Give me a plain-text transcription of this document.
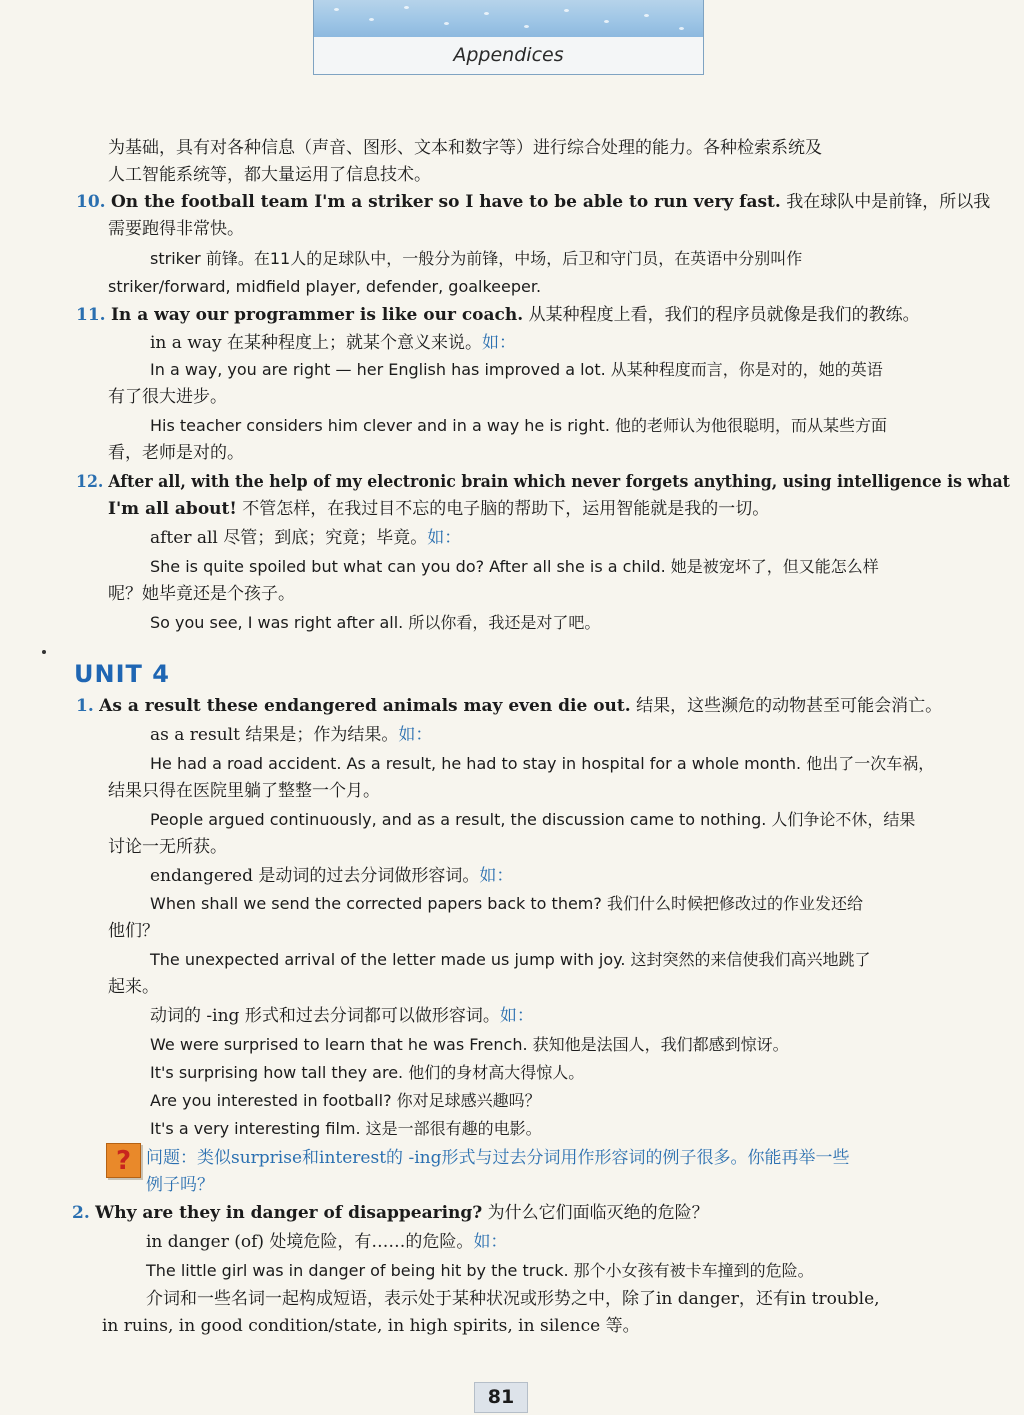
Appendices
为基础，具有对各种信息（声音、图形、文本和数字等）进行综合处理的能力。各种检索系统及
人工智能系统等，都大量运用了信息技术。
10. On the football team I'm a striker so I have to be able to run very fast. 我在球队中是前锋，所以我
需要跑得非常快。
striker 前锋。在11人的足球队中，一般分为前锋，中场，后卫和守门员，在英语中分别叫作
striker/forward, midfield player, defender, goalkeeper.
11. In a way our programmer is like our coach. 从某种程度上看，我们的程序员就像是我们的教练。
in a way 在某种程度上；就某个意义来说。如：
In a way, you are right — her English has improved a lot. 从某种程度而言，你是对的，她的英语
有了很大进步。
His teacher considers him clever and in a way he is right. 他的老师认为他很聪明，而从某些方面
看，老师是对的。
12. After all, with the help of my electronic brain which never forgets anything, using intelligence is what
I'm all about! 不管怎样，在我过目不忘的电子脑的帮助下，运用智能就是我的一切。
after all 尽管；到底；究竟；毕竟。如：
She is quite spoiled but what can you do? After all she is a child. 她是被宠坏了，但又能怎么样
呢？她毕竟还是个孩子。
So you see, I was right after all. 所以你看，我还是对了吧。
UNIT 4
1. As a result these endangered animals may even die out. 结果，这些濒危的动物甚至可能会消亡。
as a result 结果是；作为结果。如：
He had a road accident. As a result, he had to stay in hospital for a whole month. 他出了一次车祸，
结果只得在医院里躺了整整一个月。
People argued continuously, and as a result, the discussion came to nothing. 人们争论不休，结果
讨论一无所获。
endangered 是动词的过去分词做形容词。如：
When shall we send the corrected papers back to them? 我们什么时候把修改过的作业发还给
他们？
The unexpected arrival of the letter made us jump with joy. 这封突然的来信使我们高兴地跳了
起来。
动词的 -ing 形式和过去分词都可以做形容词。如：
We were surprised to learn that he was French. 获知他是法国人，我们都感到惊讶。
It's surprising how tall they are. 他们的身材高大得惊人。
Are you interested in football? 你对足球感兴趣吗？
It's a very interesting film. 这是一部很有趣的电影。
? 问题：类似surprise和interest的 -ing形式与过去分词用作形容词的例子很多。你能再举一些
例子吗？
2. Why are they in danger of disappearing? 为什么它们面临灭绝的危险？
in danger (of) 处境危险，有……的危险。如：
The little girl was in danger of being hit by the truck. 那个小女孩有被卡车撞到的危险。
介词和一些名词一起构成短语，表示处于某种状况或形势之中，除了in danger，还有in trouble,
in ruins, in good condition/state, in high spirits, in silence 等。
81
